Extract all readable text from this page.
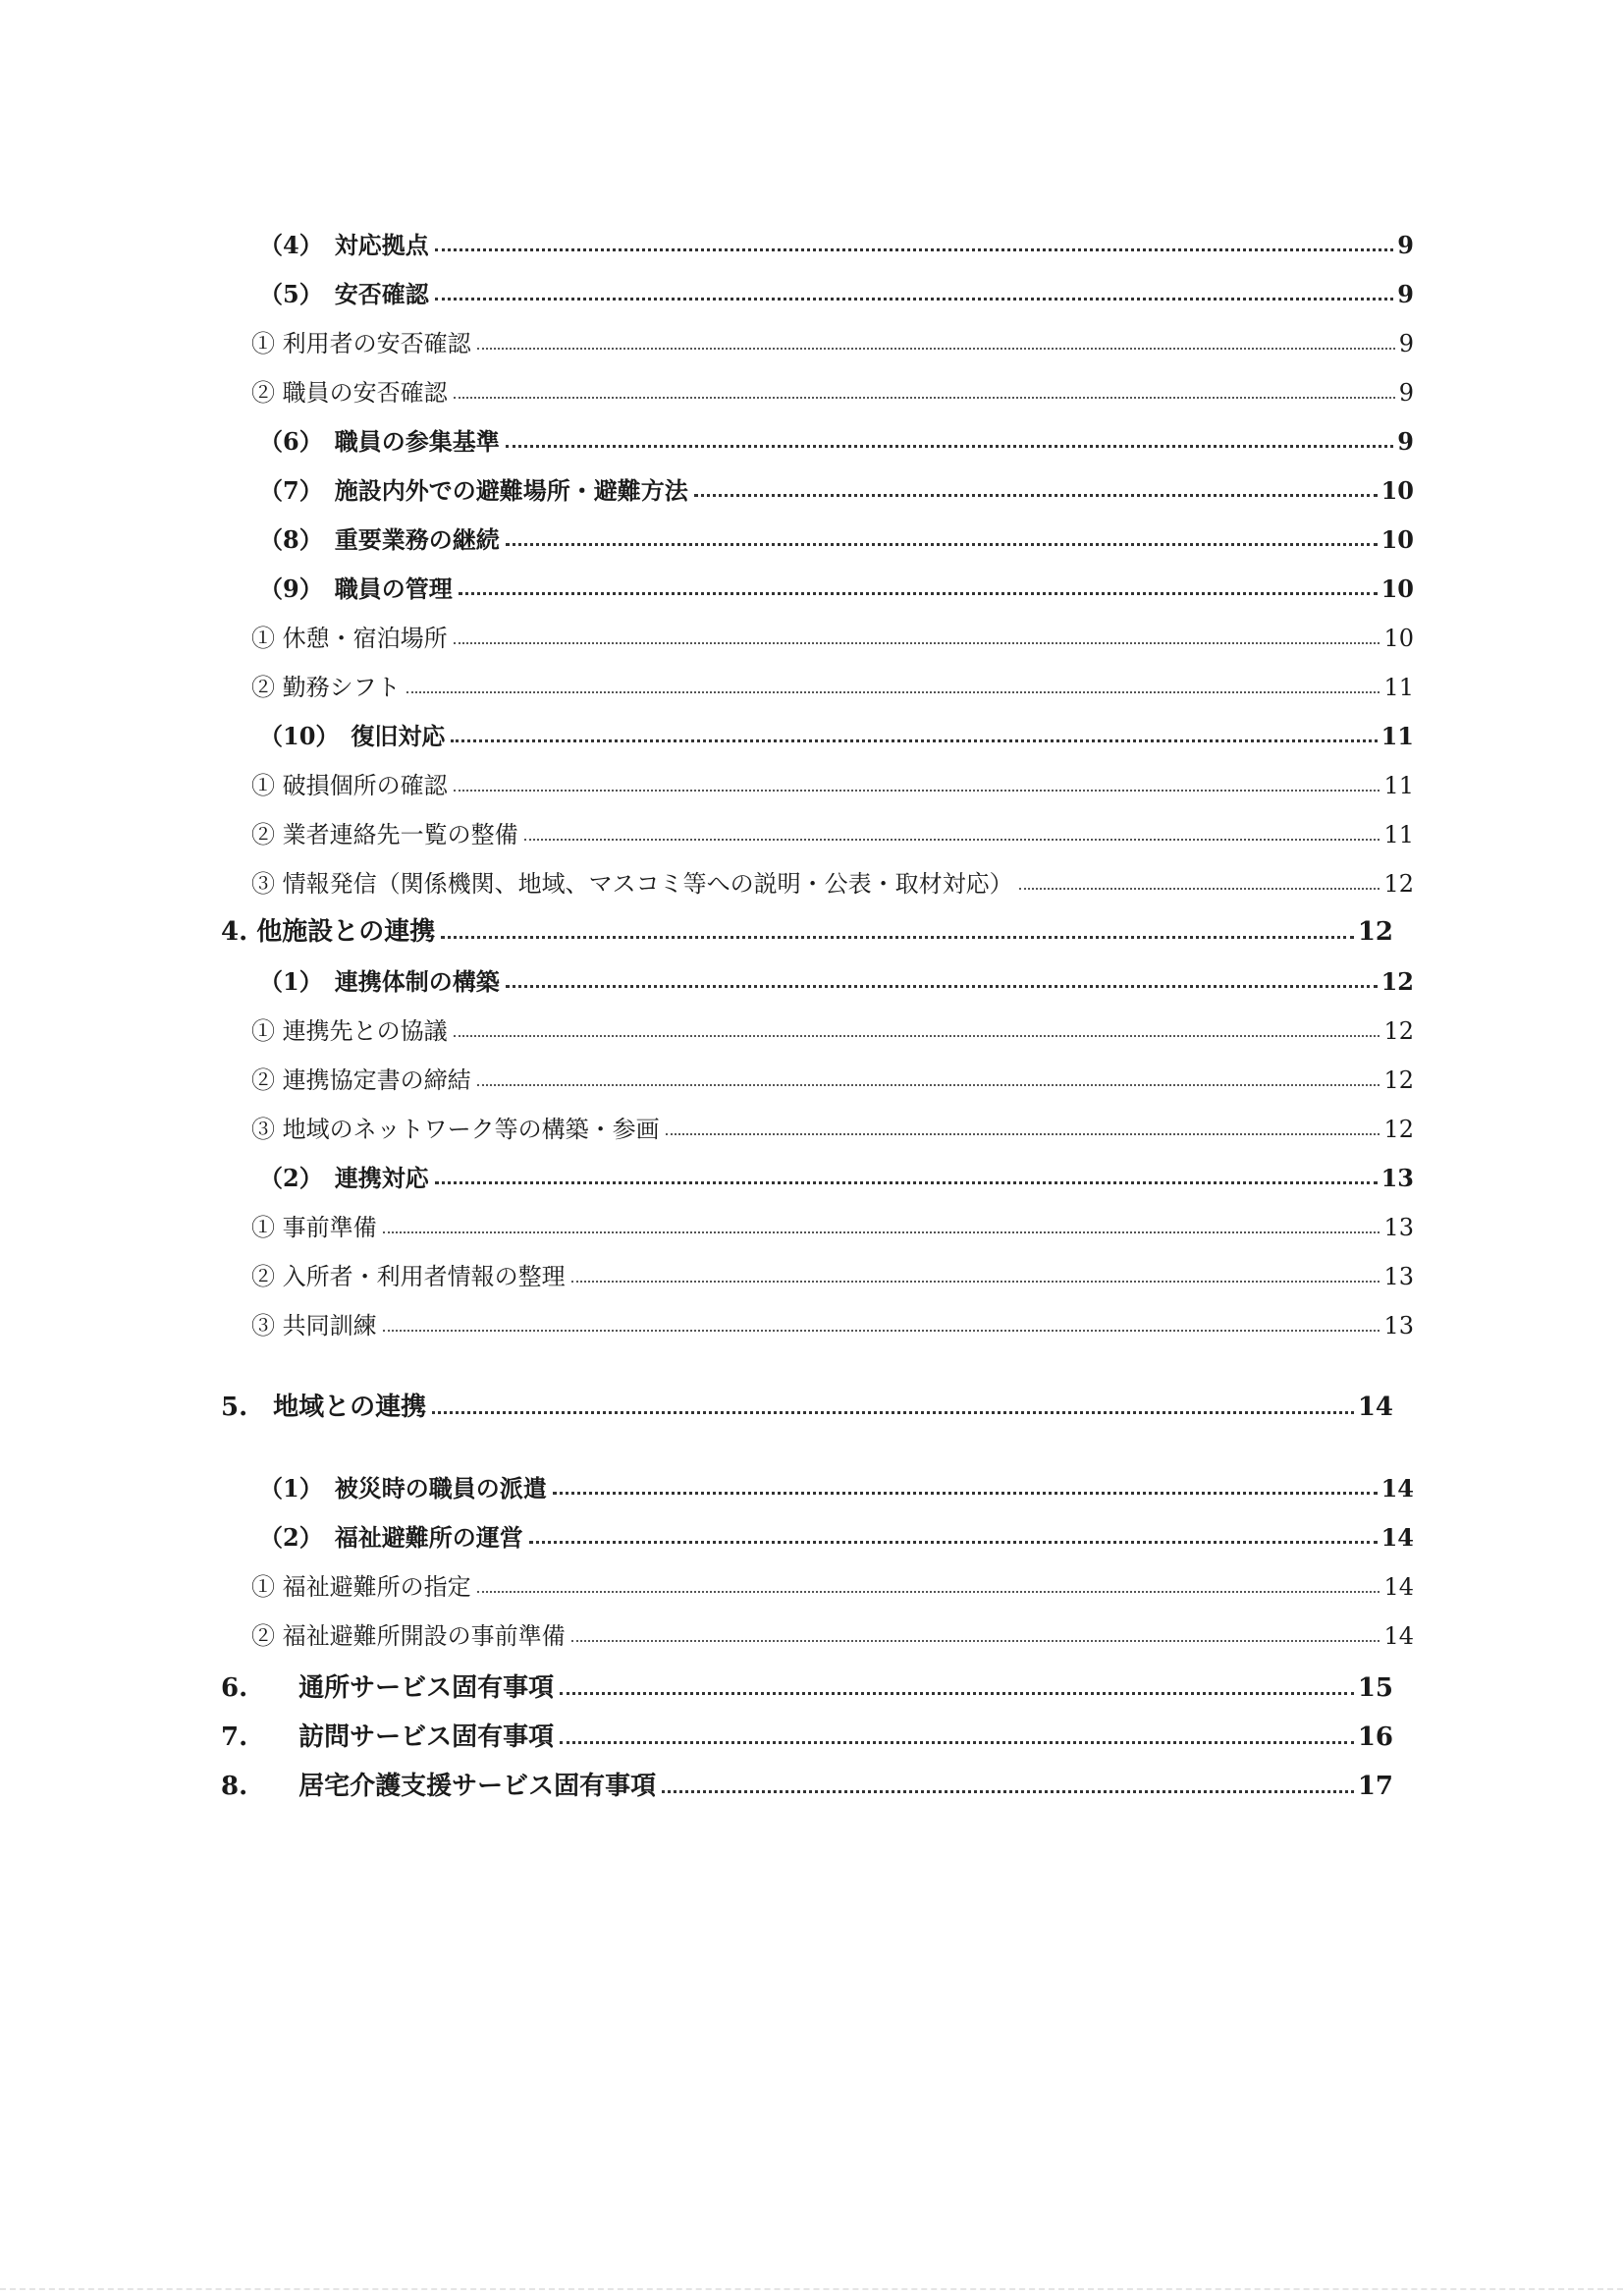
（4）　対応拠点	9
（5）　安否確認	9
① 利用者の安否確認	9
② 職員の安否確認	9
（6）　職員の参集基準	9
（7）　施設内外での避難場所・避難方法	10
（8）　重要業務の継続	10
（9）　職員の管理	10
① 休憩・宿泊場所	10
② 勤務シフト	11
（10）　復旧対応	11
① 破損個所の確認	11
② 業者連絡先一覧の整備	11
③ 情報発信（関係機関、地域、マスコミ等への説明・公表・取材対応）	12
4. 他施設との連携	12
（1）　連携体制の構築	12
① 連携先との協議	12
② 連携協定書の締結	12
③ 地域のネットワーク等の構築・参画	12
（2）　連携対応	13
① 事前準備	13
② 入所者・利用者情報の整理	13
③ 共同訓練	13
5.　地域との連携	14
（1）　被災時の職員の派遣	14
（2）　福祉避難所の運営	14
① 福祉避難所の指定	14
② 福祉避難所開設の事前準備	14
6.　　通所サービス固有事項	15
7.　　訪問サービス固有事項	16
8.　　居宅介護支援サービス固有事項	17
